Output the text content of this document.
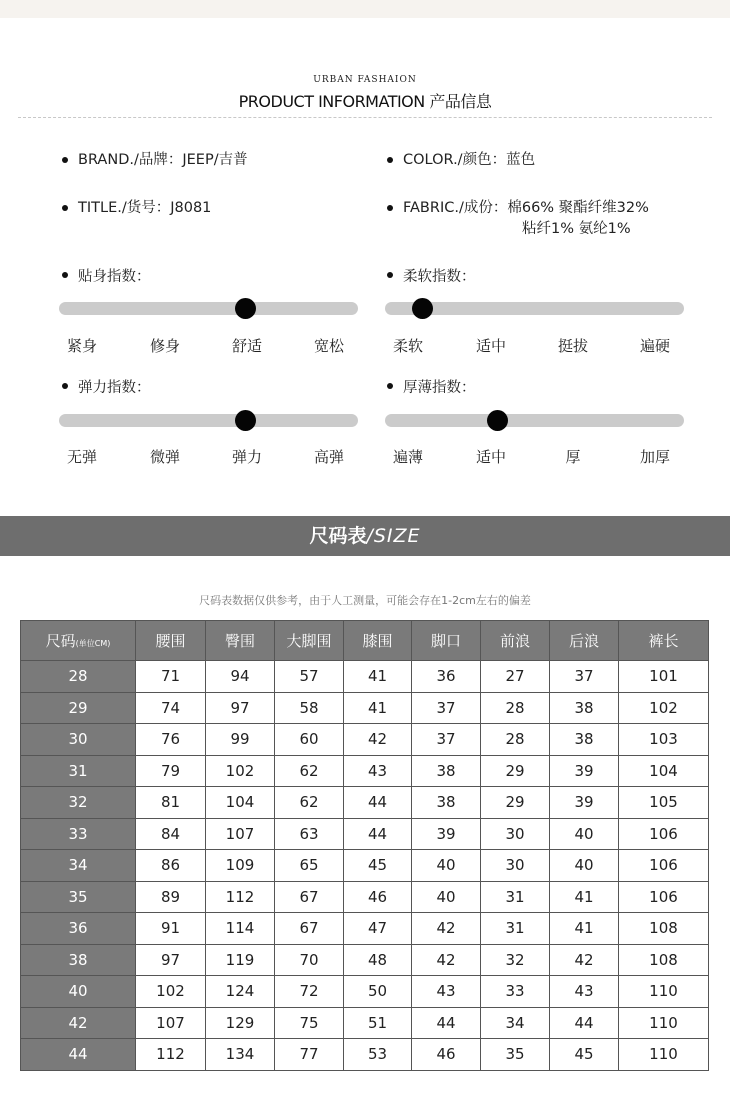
URBAN FASHAION
PRODUCT INFORMATION 产品信息
BRAND./品牌：JEEP/吉普	COLOR./颜色：蓝色
TITLE./货号：J8081	FABRIC./成份：棉66% 聚酯纤维32%
粘纤1% 氨纶1%
贴身指数：
紧身	修身	舒适	宽松
柔软指数：
柔软	适中	挺拔	遍硬
弹力指数：
无弹	微弹	弹力	高弹
厚薄指数：
遍薄	适中	厚	加厚
尺码表/SIZE
尺码表数据仅供参考，由于人工测量，可能会存在1-2cm左右的偏差
尺码(单位CM)	腰围	臀围	大脚围	膝围	脚口	前浪	后浪	裤长
28	71	94	57	41	36	27	37	101
29	74	97	58	41	37	28	38	102
30	76	99	60	42	37	28	38	103
31	79	102	62	43	38	29	39	104
32	81	104	62	44	38	29	39	105
33	84	107	63	44	39	30	40	106
34	86	109	65	45	40	30	40	106
35	89	112	67	46	40	31	41	106
36	91	114	67	47	42	31	41	108
38	97	119	70	48	42	32	42	108
40	102	124	72	50	43	33	43	110
42	107	129	75	51	44	34	44	110
44	112	134	77	53	46	35	45	110
